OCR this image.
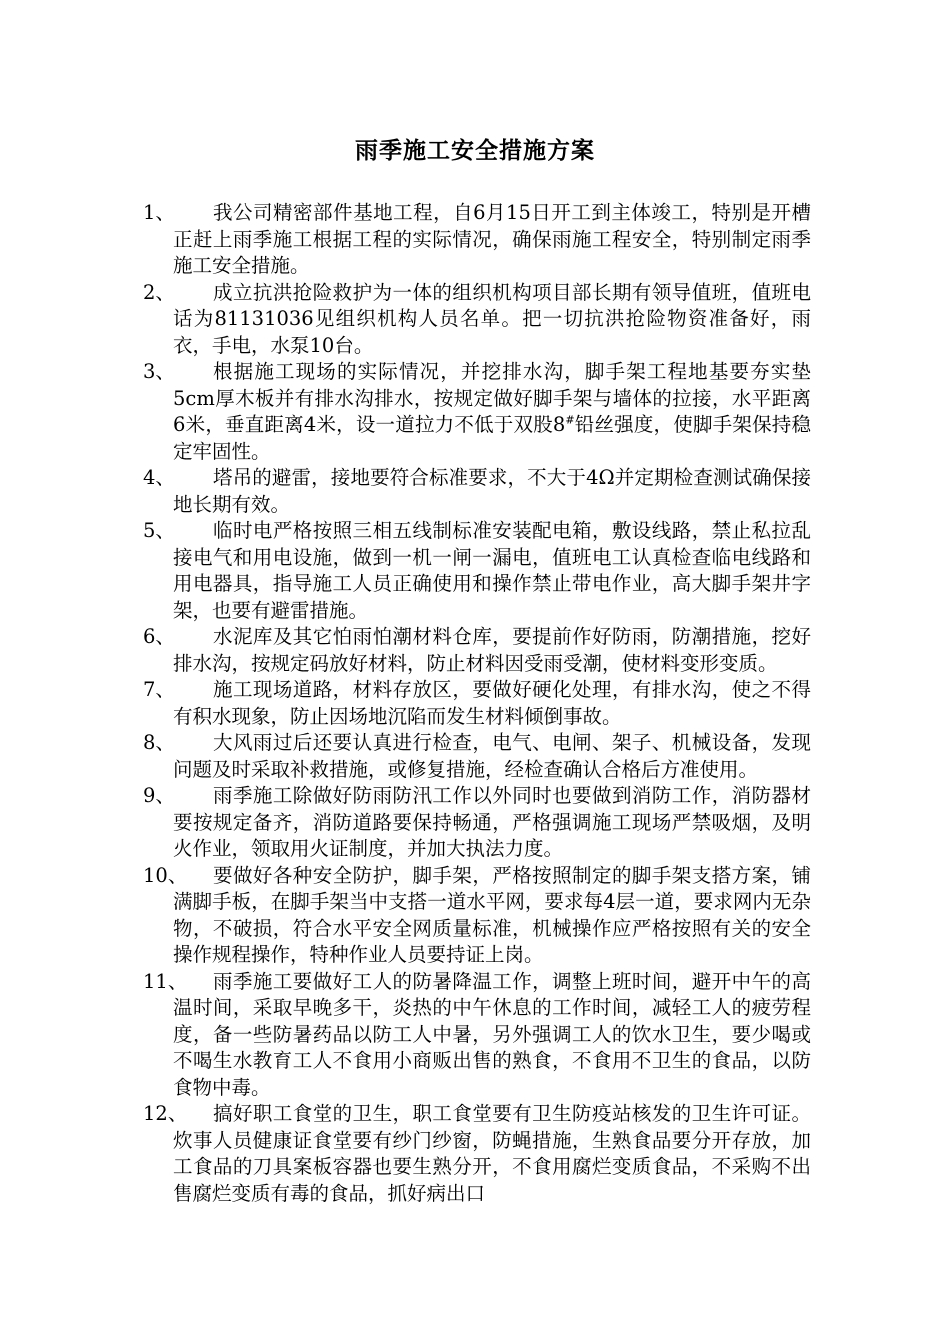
雨季施工安全措施方案
1、	我公司精密部件基地工程，自6月15日开工到主体竣工，特别是开槽正赶上雨季施工根据工程的实际情况，确保雨施工程安全，特别制定雨季施工安全措施。
2、	成立抗洪抢险救护为一体的组织机构项目部长期有领导值班，值班电话为81131036见组织机构人员名单。把一切抗洪抢险物资准备好，雨衣，手电，水泵10台。
3、	根据施工现场的实际情况，并挖排水沟，脚手架工程地基要夯实垫5cm厚木板并有排水沟排水，按规定做好脚手架与墙体的拉接，水平距离6米，垂直距离4米，设一道拉力不低于双股8#铅丝强度，使脚手架保持稳定牢固性。
4、	塔吊的避雷，接地要符合标准要求，不大于4Ω并定期检查测试确保接地长期有效。
5、	临时电严格按照三相五线制标准安装配电箱，敷设线路，禁止私拉乱接电气和用电设施，做到一机一闸一漏电，值班电工认真检查临电线路和用电器具，指导施工人员正确使用和操作禁止带电作业，高大脚手架井字架，也要有避雷措施。
6、	水泥库及其它怕雨怕潮材料仓库，要提前作好防雨，防潮措施，挖好排水沟，按规定码放好材料，防止材料因受雨受潮，使材料变形变质。
7、	施工现场道路，材料存放区，要做好硬化处理，有排水沟，使之不得有积水现象，防止因场地沉陷而发生材料倾倒事故。
8、	大风雨过后还要认真进行检查，电气、电闸、架子、机械设备，发现问题及时采取补救措施，或修复措施，经检查确认合格后方准使用。
9、	雨季施工除做好防雨防汛工作以外同时也要做到消防工作，消防器材要按规定备齐，消防道路要保持畅通，严格强调施工现场严禁吸烟，及明火作业，领取用火证制度，并加大执法力度。
10、	要做好各种安全防护，脚手架，严格按照制定的脚手架支搭方案，铺满脚手板，在脚手架当中支搭一道水平网，要求每4层一道，要求网内无杂物，不破损，符合水平安全网质量标准，机械操作应严格按照有关的安全操作规程操作，特种作业人员要持证上岗。
11、	雨季施工要做好工人的防暑降温工作，调整上班时间，避开中午的高温时间，采取早晚多干，炎热的中午休息的工作时间，减轻工人的疲劳程度，备一些防暑药品以防工人中暑，另外强调工人的饮水卫生，要少喝或不喝生水教育工人不食用小商贩出售的熟食，不食用不卫生的食品，以防食物中毒。
12、	搞好职工食堂的卫生，职工食堂要有卫生防疫站核发的卫生许可证。炊事人员健康证食堂要有纱门纱窗，防蝇措施，生熟食品要分开存放，加工食品的刀具案板容器也要生熟分开，不食用腐烂变质食品，不采购不出售腐烂变质有毒的食品，抓好病出口
